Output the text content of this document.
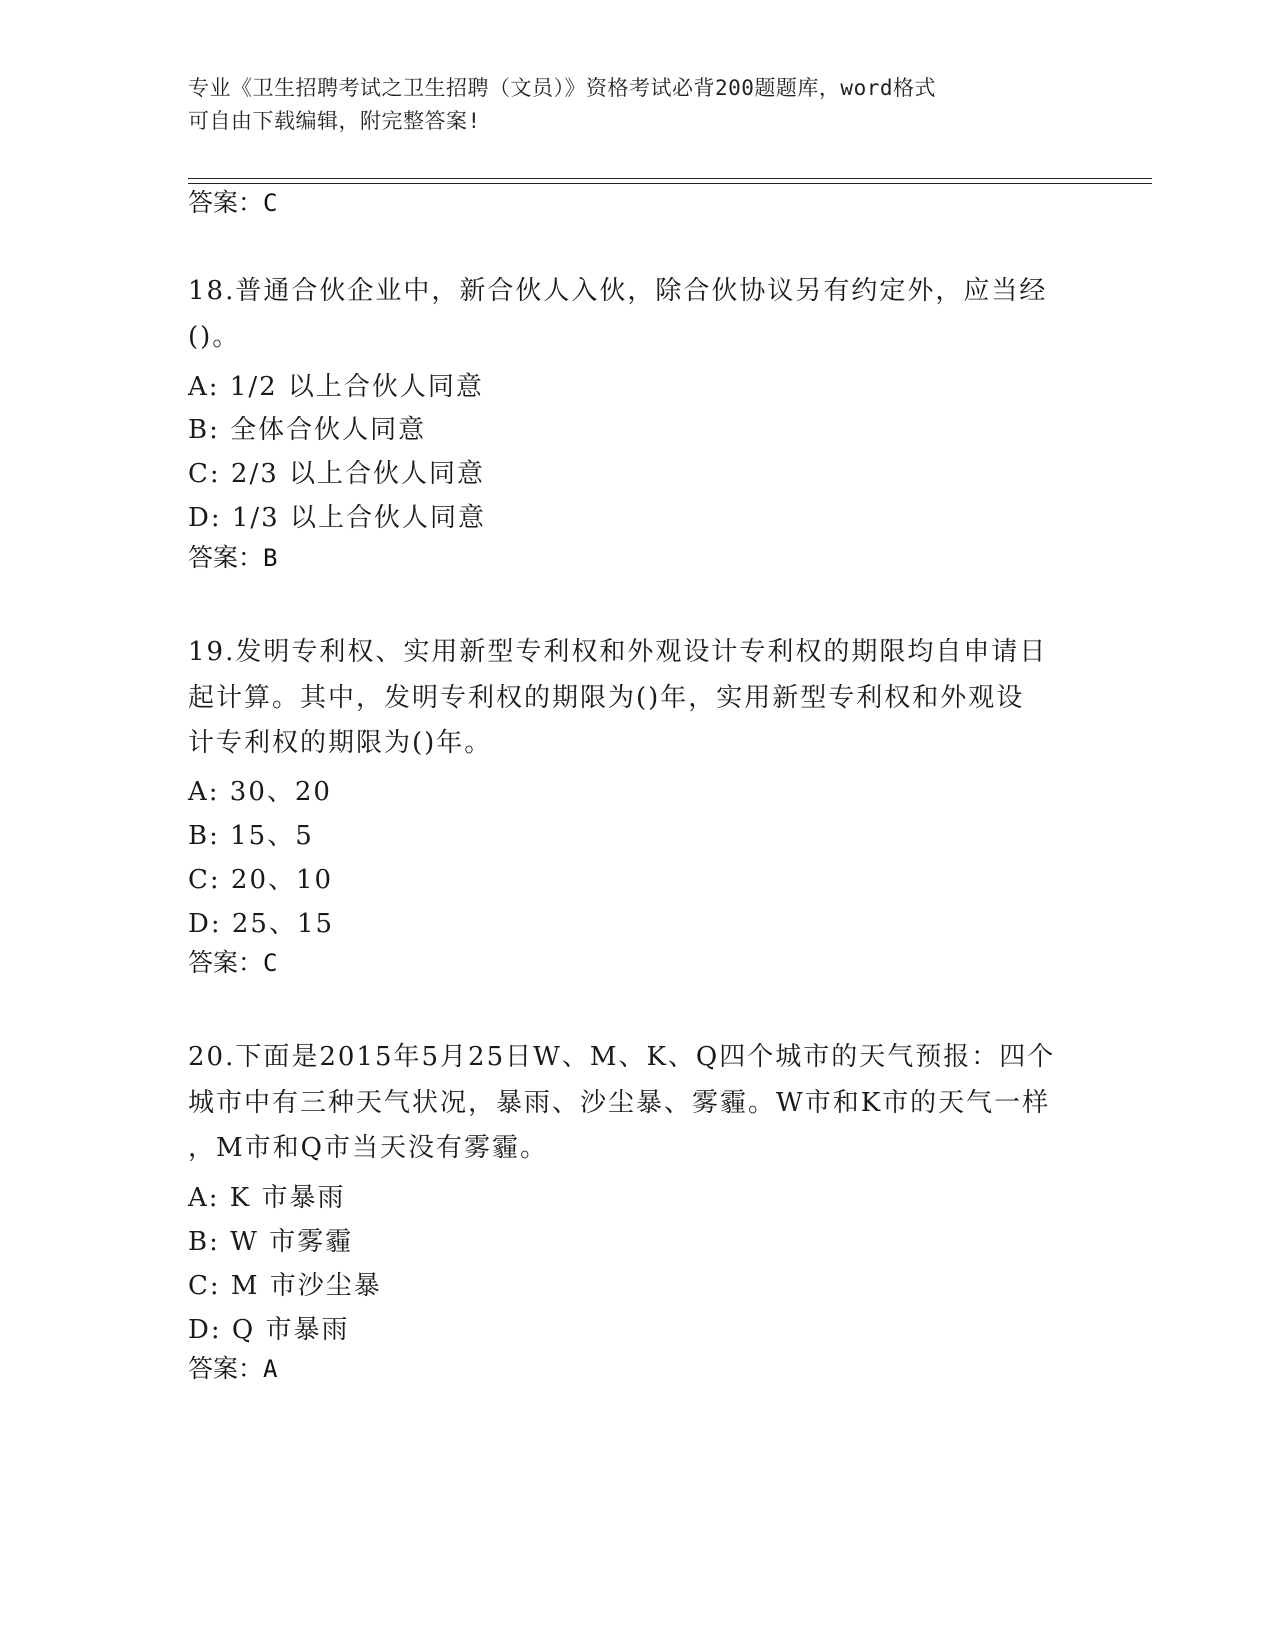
专业《卫生招聘考试之卫生招聘（文员）》资格考试必背200题题库，word格式
可自由下载编辑，附完整答案!
答案：C
18.普通合伙企业中，新合伙人入伙，除合伙协议另有约定外，应当经
()。
A: 1/2 以上合伙人同意
B: 全体合伙人同意
C: 2/3 以上合伙人同意
D: 1/3 以上合伙人同意
答案：B
19.发明专利权、实用新型专利权和外观设计专利权的期限均自申请日
起计算。其中，发明专利权的期限为()年，实用新型专利权和外观设
计专利权的期限为()年。
A: 30、20
B: 15、5
C: 20、10
D: 25、15
答案：C
20.下面是2015年5月25日W、M、K、Q四个城市的天气预报：四个
城市中有三种天气状况，暴雨、沙尘暴、雾霾。W市和K市的天气一样
，M市和Q市当天没有雾霾。
A: K 市暴雨
B: W 市雾霾
C: M 市沙尘暴
D: Q 市暴雨
答案：A
